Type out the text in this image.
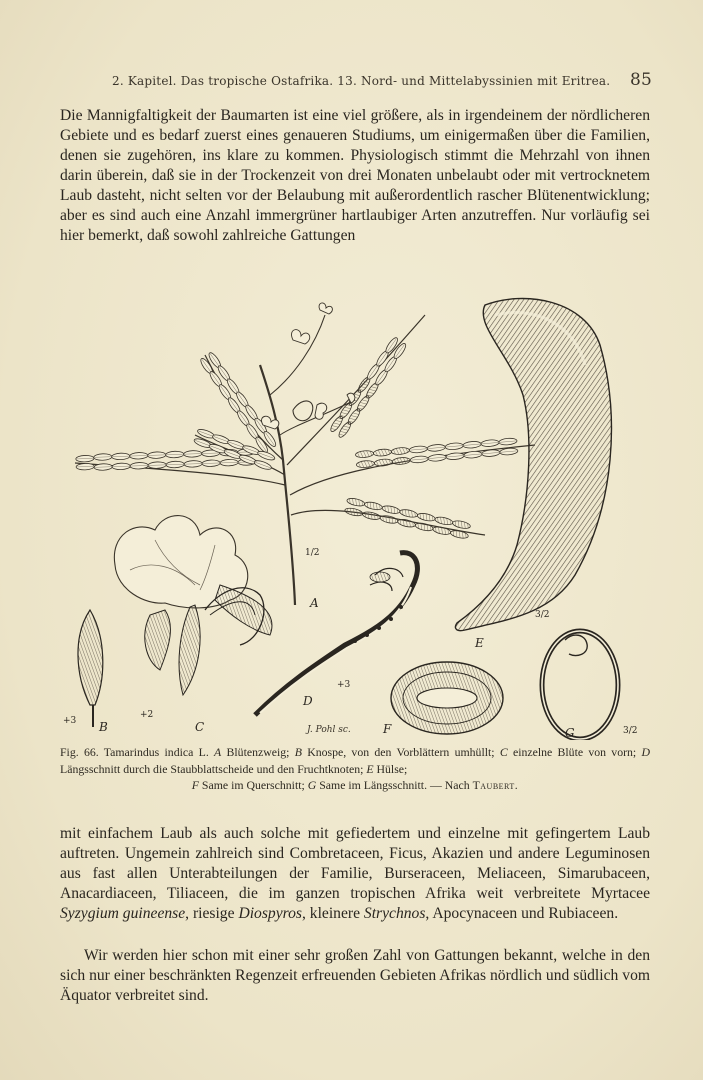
2. Kapitel. Das tropische Ostafrika. 13. Nord- und Mittelabyssinien mit Eritrea. 85
Die Mannigfaltigkeit der Baumarten ist eine viel größere, als in irgendeinem der nördlicheren Gebiete und es bedarf zuerst eines genaueren Studiums, um einigermaßen über die Familien, denen sie zugehören, ins klare zu kommen. Physiologisch stimmt die Mehrzahl von ihnen darin überein, daß sie in der Trockenzeit von drei Monaten unbelaubt oder mit vertrocknetem Laub dasteht, nicht selten vor der Belaubung mit außerordentlich rascher Blütenentwicklung; aber es sind auch eine Anzahl immergrüner hartlaubiger Arten anzutreffen. Nur vorläufig sei hier bemerkt, daß sowohl zahlreiche Gattungen
1/2
A
3/2
E
+3 B
+2
C
+3
D
F	3/2
G
J. Pohl sc.
Fig. 66. Tamarindus indica L. A Blütenzweig; B Knospe, von den Vorblättern umhüllt; C einzelne Blüte von vorn; D Längsschnitt durch die Staubblattscheide und den Fruchtknoten; E Hülse;
F Same im Querschnitt; G Same im Längsschnitt. — Nach Taubert.
mit einfachem Laub als auch solche mit gefiedertem und einzelne mit gefingertem Laub auftreten. Ungemein zahlreich sind Combretaceen, Ficus, Akazien und andere Leguminosen aus fast allen Unterabteilungen der Familie, Burseraceen, Meliaceen, Simarubaceen, Anacardiaceen, Tiliaceen, die im ganzen tropischen Afrika weit verbreitete Myrtacee Syzygium guineense, riesige Diospyros, kleinere Strychnos, Apocynaceen und Rubiaceen.
Wir werden hier schon mit einer sehr großen Zahl von Gattungen bekannt, welche in den sich nur einer beschränkten Regenzeit erfreuenden Gebieten Afrikas nördlich und südlich vom Äquator verbreitet sind.
